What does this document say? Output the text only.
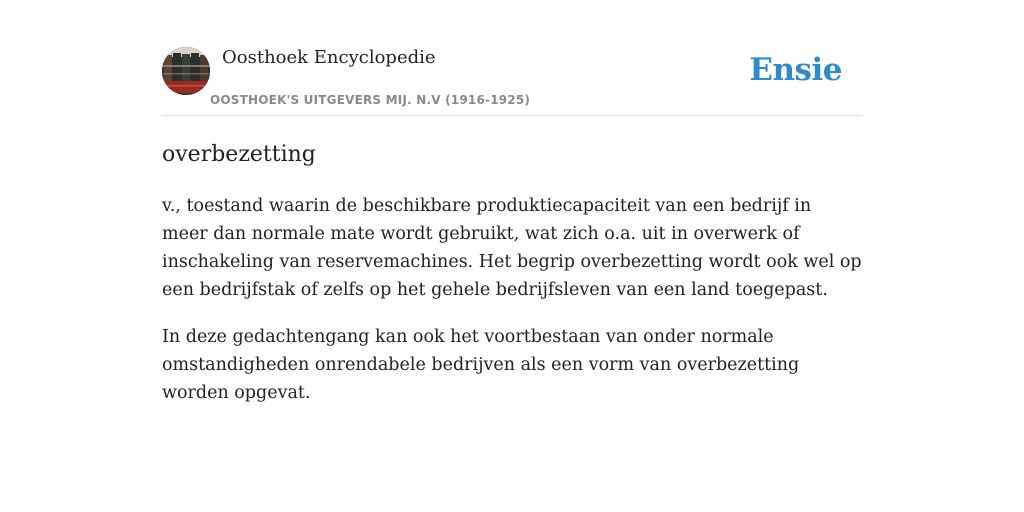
Oosthoek Encyclopedie
OOSTHOEK'S UITGEVERS MIJ. N.V (1916-1925)
Ensie
overbezetting

v., toestand waarin de beschikbare produktiecapaciteit van een bedrijf in meer dan normale mate wordt gebruikt, wat zich o.a. uit in overwerk of inschakeling van reservemachines. Het begrip overbezetting wordt ook wel op een bedrijfstak of zelfs op het gehele bedrijfsleven van een land toegepast.

In deze gedachtengang kan ook het voortbestaan van onder normale omstandigheden onrendabele bedrijven als een vorm van overbezetting worden opgevat.
